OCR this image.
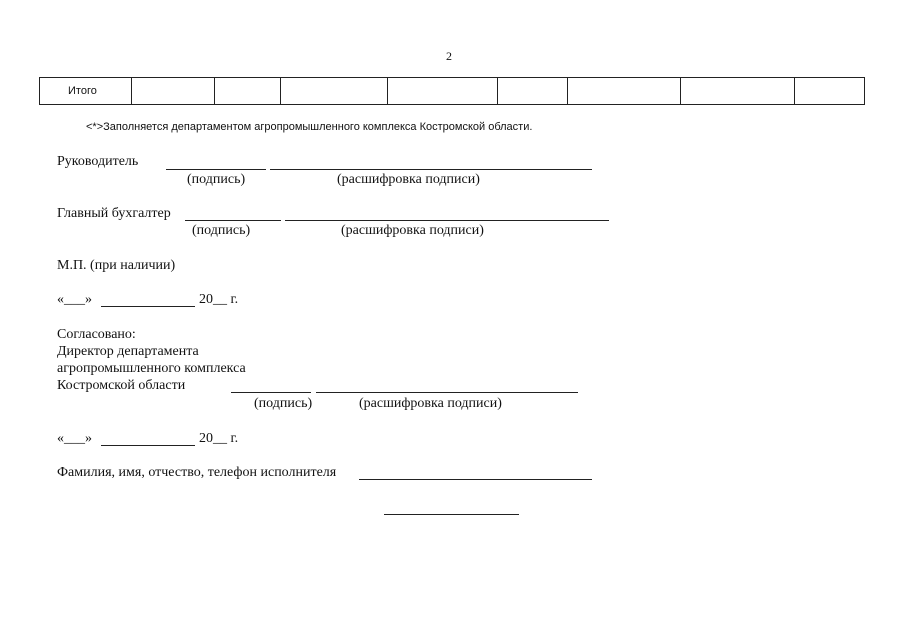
2
Итого								
<*>Заполняется департаментом агропромышленного комплекса Костромской области.
Руководитель
(подпись)	(расшифровка подписи)
Главный бухгалтер
(подпись)	(расшифровка подписи)
М.П. (при наличии)
«___»	20__ г.
Согласовано:
Директор департамента
агропромышленного комплекса
Костромской области
(подпись)	(расшифровка подписи)
«___»	20__ г.
Фамилия, имя, отчество, телефон исполнителя
